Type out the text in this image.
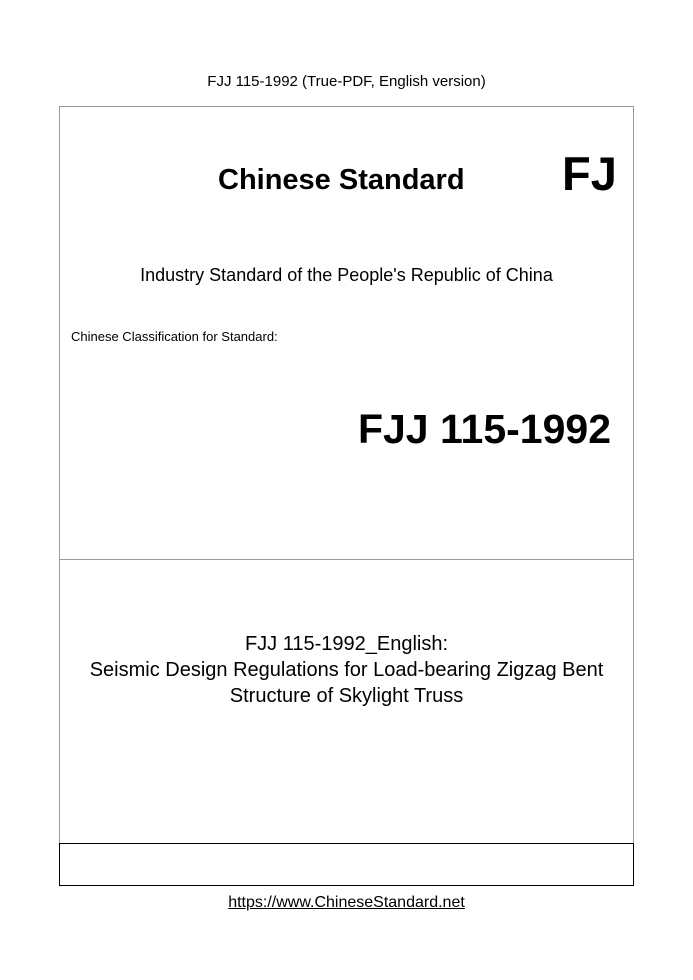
FJJ 115-1992 (True-PDF, English version)
Chinese Standard FJ
Industry Standard of the People's Republic of China
Chinese Classification for Standard:
FJJ 115-1992
FJJ 115-1992_English:
Seismic Design Regulations for Load-bearing Zigzag Bent
Structure of Skylight Truss
https://www.ChineseStandard.net
